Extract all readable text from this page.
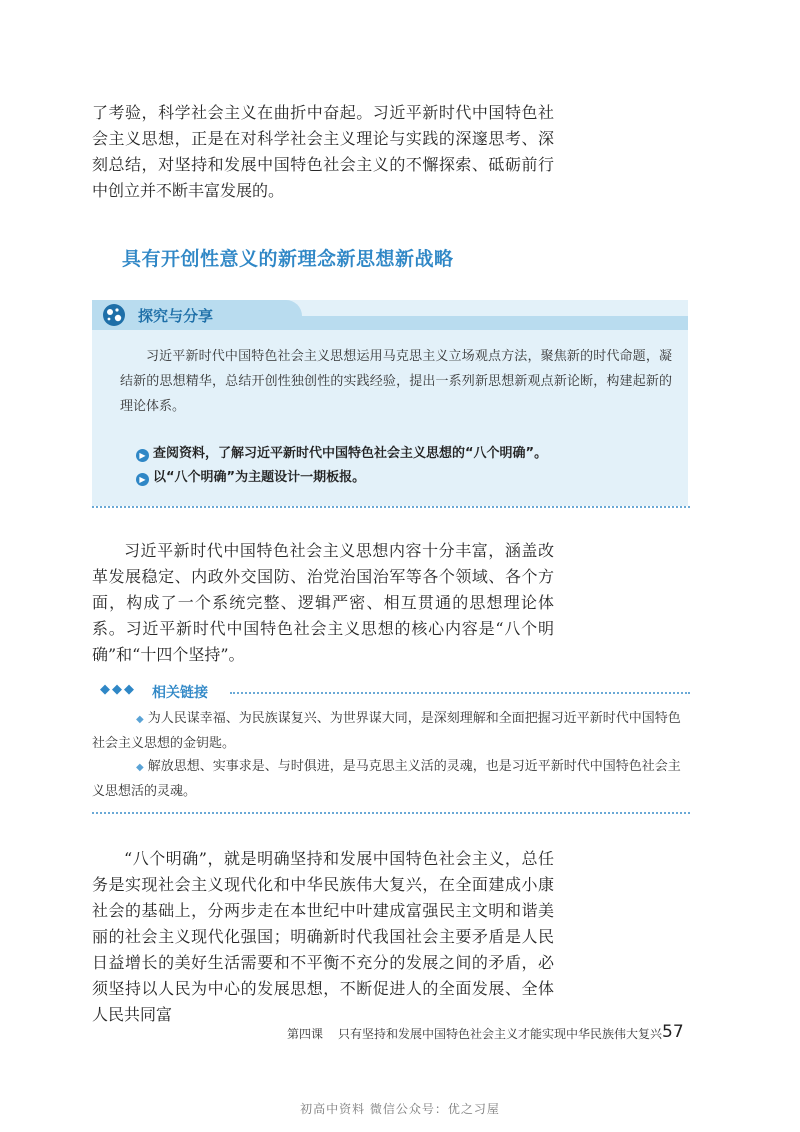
了考验，科学社会主义在曲折中奋起。习近平新时代中国特色社会主义思想，正是在对科学社会主义理论与实践的深邃思考、深刻总结，对坚持和发展中国特色社会主义的不懈探索、砥砺前行中创立并不断丰富发展的。

具有开创性意义的新理念新思想新战略
探究与分享

习近平新时代中国特色社会主义思想运用马克思主义立场观点方法，聚焦新的时代命题，凝结新的思想精华，总结开创性独创性的实践经验，提出一系列新思想新观点新论断，构建起新的理论体系。

▶ 查阅资料，了解习近平新时代中国特色社会主义思想的“八个明确”。
▶ 以“八个明确”为主题设计一期板报。

习近平新时代中国特色社会主义思想内容十分丰富，涵盖改革发展稳定、内政外交国防、治党治国治军等各个领域、各个方面，构成了一个系统完整、逻辑严密、相互贯通的思想理论体系。习近平新时代中国特色社会主义思想的核心内容是“八个明确”和“十四个坚持”。

◆◆◆ 相关链接

◆ 为人民谋幸福、为民族谋复兴、为世界谋大同，是深刻理解和全面把握习近平新时代中国特色社会主义思想的金钥匙。

◆ 解放思想、实事求是、与时俱进，是马克思主义活的灵魂，也是习近平新时代中国特色社会主义思想活的灵魂。

“八个明确”，就是明确坚持和发展中国特色社会主义，总任务是实现社会主义现代化和中华民族伟大复兴，在全面建成小康社会的基础上，分两步走在本世纪中叶建成富强民主文明和谐美丽的社会主义现代化强国；明确新时代我国社会主要矛盾是人民日益增长的美好生活需要和不平衡不充分的发展之间的矛盾，必须坚持以人民为中心的发展思想，不断促进人的全面发展、全体人民共同富

第四课 只有坚持和发展中国特色社会主义才能实现中华民族伟大复兴 57
初高中资料 微信公众号：优之习屋
